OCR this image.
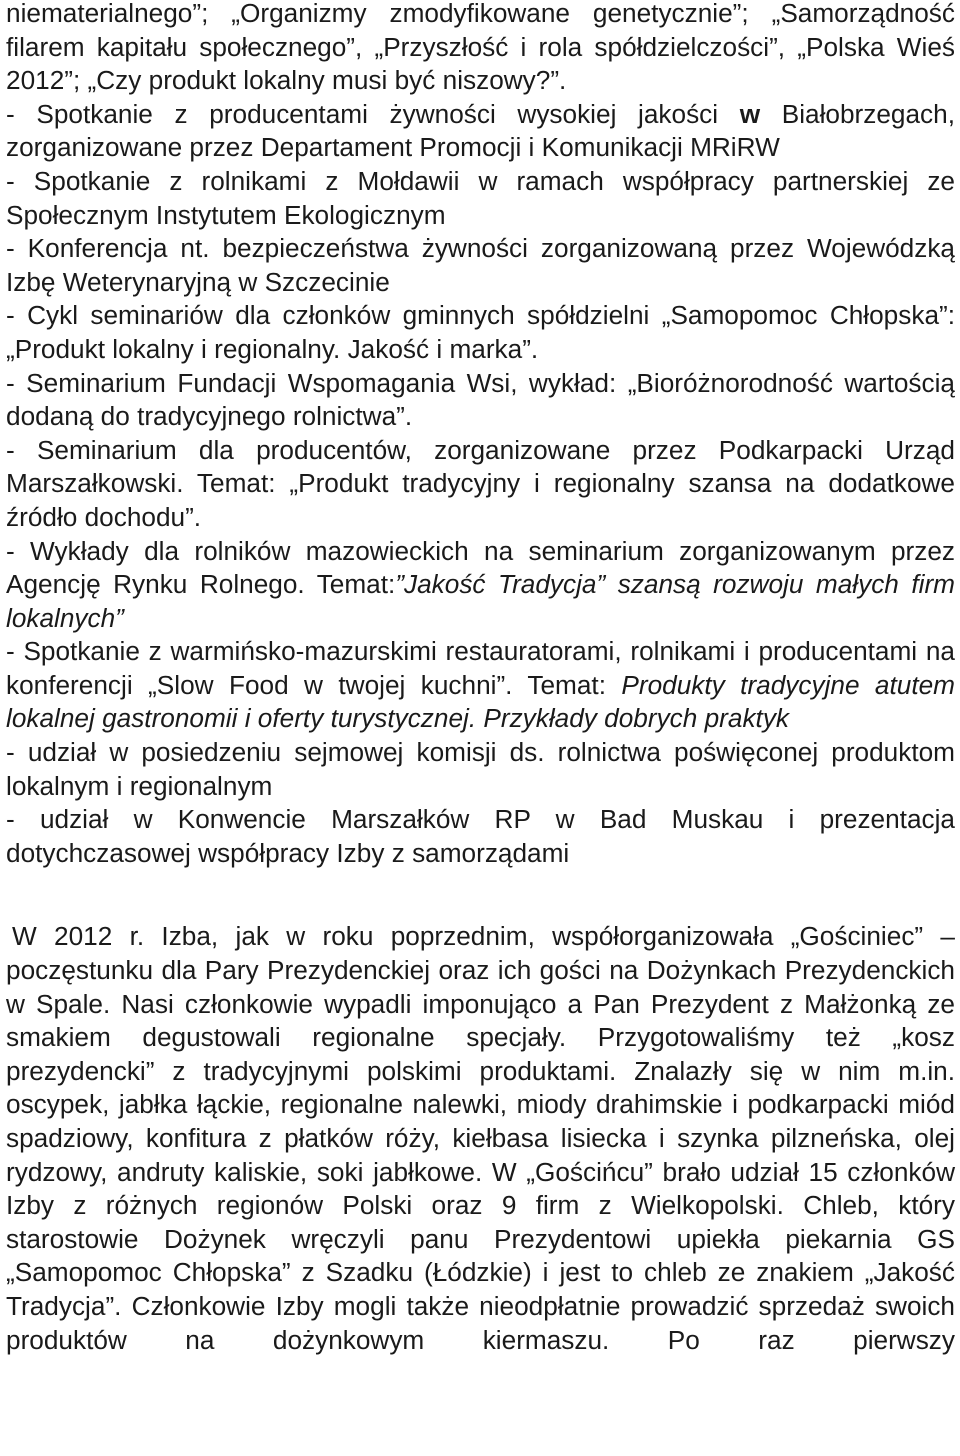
niematerialnego”; „Organizmy zmodyfikowane genetycznie”; „Samorządność filarem kapitału społecznego”, „Przyszłość i rola spółdzielczości”, „Polska Wieś 2012”; „Czy produkt lokalny musi być niszowy?”.

- Spotkanie z producentami żywności wysokiej jakości w Białobrzegach, zorganizowane przez Departament Promocji i Komunikacji MRiRW

- Spotkanie z rolnikami z Mołdawii w ramach współpracy partnerskiej ze Społecznym Instytutem Ekologicznym

- Konferencja nt. bezpieczeństwa żywności zorganizowaną przez Wojewódzką Izbę Weterynaryjną w Szczecinie

- Cykl seminariów dla członków gminnych spółdzielni „Samopomoc Chłopska”: „Produkt lokalny i regionalny. Jakość i marka”.

- Seminarium Fundacji Wspomagania Wsi, wykład: „Bioróżnorodność wartością dodaną do tradycyjnego rolnictwa”.

- Seminarium dla producentów, zorganizowane przez Podkarpacki Urząd Marszałkowski. Temat: „Produkt tradycyjny i regionalny szansa na dodatkowe źródło dochodu”.

- Wykłady dla rolników mazowieckich na seminarium zorganizowanym przez Agencję Rynku Rolnego. Temat:”Jakość Tradycja” szansą rozwoju małych firm lokalnych”

- Spotkanie z warmińsko-mazurskimi restauratorami, rolnikami i producentami na konferencji „Slow Food w twojej kuchni”. Temat: Produkty tradycyjne atutem lokalnej gastronomii i oferty turystycznej. Przykłady dobrych praktyk

- udział w posiedzeniu sejmowej komisji ds. rolnictwa poświęconej produktom lokalnym i regionalnym

- udział w Konwencie Marszałków RP w Bad Muskau i prezentacja dotychczasowej współpracy Izby z samorządami

W 2012 r. Izba, jak w roku poprzednim, współorganizowała „Gościniec” – poczęstunku dla Pary Prezydenckiej oraz ich gości na Dożynkach Prezydenckich w Spale. Nasi członkowie wypadli imponująco a Pan Prezydent z Małżonką ze smakiem degustowali regionalne specjały. Przygotowaliśmy też „kosz prezydencki” z tradycyjnymi polskimi produktami. Znalazły się w nim m.in. oscypek, jabłka łąckie, regionalne nalewki, miody drahimskie i podkarpacki miód spadziowy, konfitura z płatków róży, kiełbasa lisiecka i szynka pilzneńska, olej rydzowy, andruty kaliskie, soki jabłkowe. W „Gościńcu” brało udział 15 członków Izby z różnych regionów Polski oraz 9 firm z Wielkopolski. Chleb, który starostowie Dożynek wręczyli panu Prezydentowi upiekła piekarnia GS „Samopomoc Chłopska” z Szadku (Łódzkie) i jest to chleb ze znakiem „Jakość Tradycja”. Członkowie Izby mogli także nieodpłatnie prowadzić sprzedaż swoich produktów na dożynkowym kiermaszu. Po raz pierwszy
